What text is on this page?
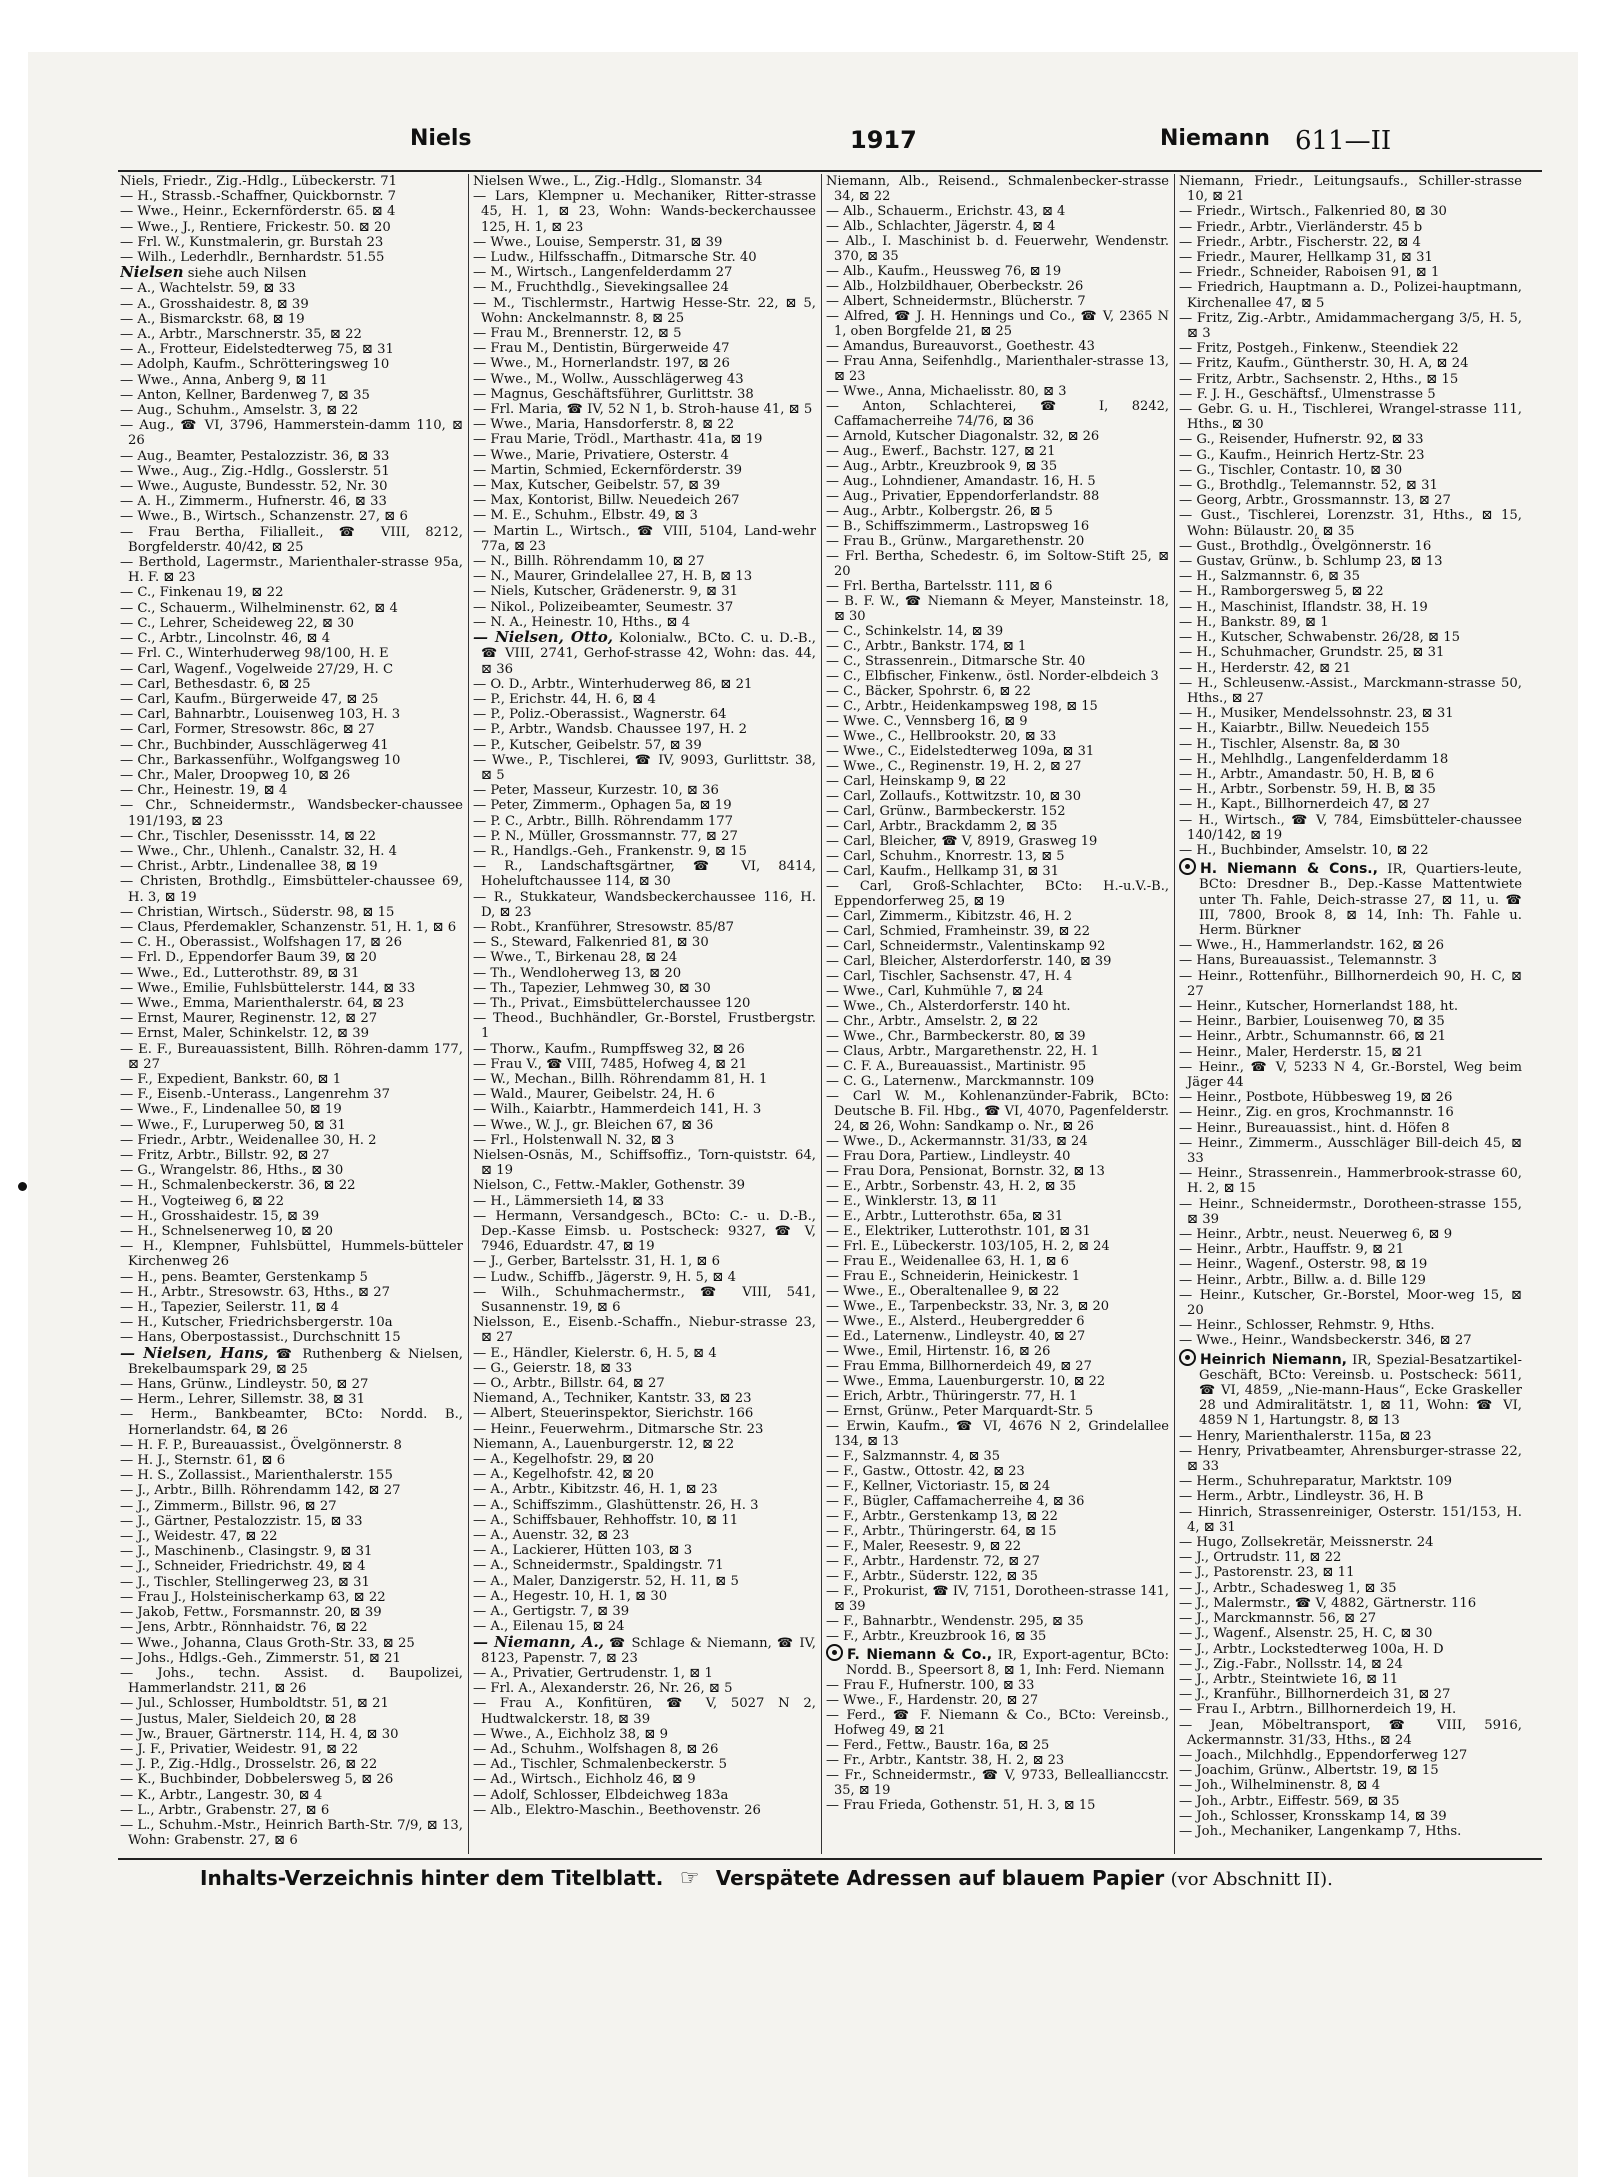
Niels	1917	Niemann 611—II

Niels, Friedr., Zig.-Hdlg., Lübeckerstr. 71

— H., Strassb.-Schaffner, Quickbornstr. 7

— Wwe., Heinr., Eckernförderstr. 65. ⊠ 4

— Wwe., J., Rentiere, Frickestr. 50. ⊠ 20

— Frl. W., Kunstmalerin, gr. Burstah 23

— Wilh., Lederhdlr., Bernhardstr. 51.55

Nielsen siehe auch Nilsen

— A., Wachtelstr. 59, ⊠ 33

— A., Grosshaidestr. 8, ⊠ 39

— A., Bismarckstr. 68, ⊠ 19

— A., Arbtr., Marschnerstr. 35, ⊠ 22

— A., Frotteur, Eidelstedterweg 75, ⊠ 31

— Adolph, Kaufm., Schrötteringsweg 10

— Wwe., Anna, Anberg 9, ⊠ 11

— Anton, Kellner, Bardenweg 7, ⊠ 35

— Aug., Schuhm., Amselstr. 3, ⊠ 22

— Aug., ☎ VI, 3796, Hammerstein-damm 110, ⊠ 26

— Aug., Beamter, Pestalozzistr. 36, ⊠ 33

— Wwe., Aug., Zig.-Hdlg., Gosslerstr. 51

— Wwe., Auguste, Bundesstr. 52, Nr. 30

— A. H., Zimmerm., Hufnerstr. 46, ⊠ 33

— Wwe., B., Wirtsch., Schanzenstr. 27, ⊠ 6

— Frau Bertha, Filialleit., ☎ VIII, 8212, Borgfelderstr. 40/42, ⊠ 25

— Berthold, Lagermstr., Marienthaler-strasse 95a, H. F. ⊠ 23

— C., Finkenau 19, ⊠ 22

— C., Schauerm., Wilhelminenstr. 62, ⊠ 4

— C., Lehrer, Scheideweg 22, ⊠ 30

— C., Arbtr., Lincolnstr. 46, ⊠ 4

— Frl. C., Winterhuderweg 98/100, H. E

— Carl, Wagenf., Vogelweide 27/29, H. C

— Carl, Bethesdastr. 6, ⊠ 25

— Carl, Kaufm., Bürgerweide 47, ⊠ 25

— Carl, Bahnarbtr., Louisenweg 103, H. 3

— Carl, Former, Stresowstr. 86c, ⊠ 27

— Chr., Buchbinder, Ausschlägerweg 41

— Chr., Barkassenführ., Wolfgangsweg 10

— Chr., Maler, Droopweg 10, ⊠ 26

— Chr., Heinestr. 19, ⊠ 4

— Chr., Schneidermstr., Wandsbecker-chaussee 191/193, ⊠ 23

— Chr., Tischler, Desenissstr. 14, ⊠ 22

— Wwe., Chr., Uhlenh., Canalstr. 32, H. 4

— Christ., Arbtr., Lindenallee 38, ⊠ 19

— Christen, Brothdlg., Eimsbütteler-chaussee 69, H. 3, ⊠ 19

— Christian, Wirtsch., Süderstr. 98, ⊠ 15

— Claus, Pferdemakler, Schanzenstr. 51, H. 1, ⊠ 6

— C. H., Oberassist., Wolfshagen 17, ⊠ 26

— Frl. D., Eppendorfer Baum 39, ⊠ 20

— Wwe., Ed., Lutterothstr. 89, ⊠ 31

— Wwe., Emilie, Fuhlsbüttelerstr. 144, ⊠ 33

— Wwe., Emma, Marienthalerstr. 64, ⊠ 23

— Ernst, Maurer, Reginenstr. 12, ⊠ 27

— Ernst, Maler, Schinkelstr. 12, ⊠ 39

— E. F., Bureauassistent, Billh. Röhren-damm 177, ⊠ 27

— F., Expedient, Bankstr. 60, ⊠ 1

— F., Eisenb.-Unterass., Langenrehm 37

— Wwe., F., Lindenallee 50, ⊠ 19

— Wwe., F., Luruperweg 50, ⊠ 31

— Friedr., Arbtr., Weidenallee 30, H. 2

— Fritz, Arbtr., Billstr. 92, ⊠ 27

— G., Wrangelstr. 86, Hths., ⊠ 30

— H., Schmalenbeckerstr. 36, ⊠ 22

— H., Vogteiweg 6, ⊠ 22

— H., Grosshaidestr. 15, ⊠ 39

— H., Schnelsenerweg 10, ⊠ 20

— H., Klempner, Fuhlsbüttel, Hummels-bütteler Kirchenweg 26

— H., pens. Beamter, Gerstenkamp 5

— H., Arbtr., Stresowstr. 63, Hths., ⊠ 27

— H., Tapezier, Seilerstr. 11, ⊠ 4

— H., Kutscher, Friedrichsbergerstr. 10a

— Hans, Oberpostassist., Durchschnitt 15

— Nielsen, Hans, ☎ Ruthenberg & Nielsen, Brekelbaumspark 29, ⊠ 25

— Hans, Grünw., Lindleystr. 50, ⊠ 27

— Herm., Lehrer, Sillemstr. 38, ⊠ 31

— Herm., Bankbeamter, BCto: Nordd. B., Hornerlandstr. 64, ⊠ 26

— H. F. P., Bureauassist., Övelgönnerstr. 8

— H. J., Sternstr. 61, ⊠ 6

— H. S., Zollassist., Marienthalerstr. 155

— J., Arbtr., Billh. Röhrendamm 142, ⊠ 27

— J., Zimmerm., Billstr. 96, ⊠ 27

— J., Gärtner, Pestalozzistr. 15, ⊠ 33

— J., Weidestr. 47, ⊠ 22

— J., Maschinenb., Clasingstr. 9, ⊠ 31

— J., Schneider, Friedrichstr. 49, ⊠ 4

— J., Tischler, Stellingerweg 23, ⊠ 31

— Frau J., Holsteinischerkamp 63, ⊠ 22

— Jakob, Fettw., Forsmannstr. 20, ⊠ 39

— Jens, Arbtr., Rönnhaidstr. 76, ⊠ 22

— Wwe., Johanna, Claus Groth-Str. 33, ⊠ 25

— Johs., Hdlgs.-Geh., Zimmerstr. 51, ⊠ 21

— Johs., techn. Assist. d. Baupolizei, Hammerlandstr. 211, ⊠ 26

— Jul., Schlosser, Humboldtstr. 51, ⊠ 21

— Justus, Maler, Sieldeich 20, ⊠ 28

— Jw., Brauer, Gärtnerstr. 114, H. 4, ⊠ 30

— J. F., Privatier, Weidestr. 91, ⊠ 22

— J. P., Zig.-Hdlg., Drosselstr. 26, ⊠ 22

— K., Buchbinder, Dobbelersweg 5, ⊠ 26

— K., Arbtr., Langestr. 30, ⊠ 4

— L., Arbtr., Grabenstr. 27, ⊠ 6

— L., Schuhm.-Mstr., Heinrich Barth-Str. 7/9, ⊠ 13, Wohn: Grabenstr. 27, ⊠ 6

Nielsen Wwe., L., Zig.-Hdlg., Slomanstr. 34

— Lars, Klempner u. Mechaniker, Ritter-strasse 45, H. 1, ⊠ 23, Wohn: Wands-beckerchaussee 125, H. 1, ⊠ 23

— Wwe., Louise, Semperstr. 31, ⊠ 39

— Ludw., Hilfsschaffn., Ditmarsche Str. 40

— M., Wirtsch., Langenfelderdamm 27

— M., Fruchthdlg., Sievekingsallee 24

— M., Tischlermstr., Hartwig Hesse-Str. 22, ⊠ 5, Wohn: Anckelmannstr. 8, ⊠ 25

— Frau M., Brennerstr. 12, ⊠ 5

— Frau M., Dentistin, Bürgerweide 47

— Wwe., M., Hornerlandstr. 197, ⊠ 26

— Wwe., M., Wollw., Ausschlägerweg 43

— Magnus, Geschäftsführer, Gurlittstr. 38

— Frl. Maria, ☎ IV, 52 N 1, b. Stroh-hause 41, ⊠ 5

— Wwe., Maria, Hansdorferstr. 8, ⊠ 22

— Frau Marie, Trödl., Marthastr. 41a, ⊠ 19

— Wwe., Marie, Privatiere, Osterstr. 4

— Martin, Schmied, Eckernförderstr. 39

— Max, Kutscher, Geibelstr. 57, ⊠ 39

— Max, Kontorist, Billw. Neuedeich 267

— M. E., Schuhm., Elbstr. 49, ⊠ 3

— Martin L., Wirtsch., ☎ VIII, 5104, Land-wehr 77a, ⊠ 23

— N., Billh. Röhrendamm 10, ⊠ 27

— N., Maurer, Grindelallee 27, H. B, ⊠ 13

— Niels, Kutscher, Grädenerstr. 9, ⊠ 31

— Nikol., Polizeibeamter, Seumestr. 37

— N. A., Heinestr. 10, Hths., ⊠ 4

— Nielsen, Otto, Kolonialw., BCto. C. u. D.-B., ☎ VIII, 2741, Gerhof-strasse 42, Wohn: das. 44, ⊠ 36

— O. D., Arbtr., Winterhuderweg 86, ⊠ 21

— P., Erichstr. 44, H. 6, ⊠ 4

— P., Poliz.-Oberassist., Wagnerstr. 64

— P., Arbtr., Wandsb. Chaussee 197, H. 2

— P., Kutscher, Geibelstr. 57, ⊠ 39

— Wwe., P., Tischlerei, ☎ IV, 9093, Gurlittstr. 38, ⊠ 5

— Peter, Masseur, Kurzestr. 10, ⊠ 36

— Peter, Zimmerm., Ophagen 5a, ⊠ 19

— P. C., Arbtr., Billh. Röhrendamm 177

— P. N., Müller, Grossmannstr. 77, ⊠ 27

— R., Handlgs.-Geh., Frankenstr. 9, ⊠ 15

— R., Landschaftsgärtner, ☎ VI, 8414, Hoheluftchaussee 114, ⊠ 30

— R., Stukkateur, Wandsbeckerchaussee 116, H. D, ⊠ 23

— Robt., Kranführer, Stresowstr. 85/87

— S., Steward, Falkenried 81, ⊠ 30

— Wwe., T., Birkenau 28, ⊠ 24

— Th., Wendloherweg 13, ⊠ 20

— Th., Tapezier, Lehmweg 30, ⊠ 30

— Th., Privat., Eimsbüttelerchaussee 120

— Theod., Buchhändler, Gr.-Borstel, Frustbergstr. 1

— Thorw., Kaufm., Rumpffsweg 32, ⊠ 26

— Frau V., ☎ VIII, 7485, Hofweg 4, ⊠ 21

— W., Mechan., Billh. Röhrendamm 81, H. 1

— Wald., Maurer, Geibelstr. 24, H. 6

— Wilh., Kaiarbtr., Hammerdeich 141, H. 3

— Wwe., W. J., gr. Bleichen 67, ⊠ 36

— Frl., Holstenwall N. 32, ⊠ 3

Nielsen-Osnäs, M., Schiffsoffiz., Torn-quiststr. 64, ⊠ 19

Nielson, C., Fettw.-Makler, Gothenstr. 39

— H., Lämmersieth 14, ⊠ 33

— Hermann, Versandgesch., BCto: C.- u. D.-B., Dep.-Kasse Eimsb. u. Postscheck: 9327, ☎ V, 7946, Eduardstr. 47, ⊠ 19

— J., Gerber, Bartelsstr. 31, H. 1, ⊠ 6

— Ludw., Schiffb., Jägerstr. 9, H. 5, ⊠ 4

— Wilh., Schuhmachermstr., ☎ VIII, 541, Susannenstr. 19, ⊠ 6

Nielsson, E., Eisenb.-Schaffn., Niebur-strasse 23, ⊠ 27

— E., Händler, Kielerstr. 6, H. 5, ⊠ 4

— G., Geierstr. 18, ⊠ 33

— O., Arbtr., Billstr. 64, ⊠ 27

Niemand, A., Techniker, Kantstr. 33, ⊠ 23

— Albert, Steuerinspektor, Sierichstr. 166

— Heinr., Feuerwehrm., Ditmarsche Str. 23

Niemann, A., Lauenburgerstr. 12, ⊠ 22

— A., Kegelhofstr. 29, ⊠ 20

— A., Kegelhofstr. 42, ⊠ 20

— A., Arbtr., Kibitzstr. 46, H. 1, ⊠ 23

— A., Schiffszimm., Glashüttenstr. 26, H. 3

— A., Schiffsbauer, Rehhoffstr. 10, ⊠ 11

— A., Auenstr. 32, ⊠ 23

— A., Lackierer, Hütten 103, ⊠ 3

— A., Schneidermstr., Spaldingstr. 71

— A., Maler, Danzigerstr. 52, H. 11, ⊠ 5

— A., Hegestr. 10, H. 1, ⊠ 30

— A., Gertigstr. 7, ⊠ 39

— A., Eilenau 15, ⊠ 24

— Niemann, A., ☎ Schlage & Niemann, ☎ IV, 8123, Papenstr. 7, ⊠ 23

— A., Privatier, Gertrudenstr. 1, ⊠ 1

— Frl. A., Alexanderstr. 26, Nr. 26, ⊠ 5

— Frau A., Konfitüren, ☎ V, 5027 N 2, Hudtwalckerstr. 18, ⊠ 39

— Wwe., A., Eichholz 38, ⊠ 9

— Ad., Schuhm., Wolfshagen 8, ⊠ 26

— Ad., Tischler, Schmalenbeckerstr. 5

— Ad., Wirtsch., Eichholz 46, ⊠ 9

— Adolf, Schlosser, Elbdeichweg 183a

— Alb., Elektro-Maschin., Beethovenstr. 26

Niemann, Alb., Reisend., Schmalenbecker-strasse 34, ⊠ 22

— Alb., Schauerm., Erichstr. 43, ⊠ 4

— Alb., Schlachter, Jägerstr. 4, ⊠ 4

— Alb., I. Maschinist b. d. Feuerwehr, Wendenstr. 370, ⊠ 35

— Alb., Kaufm., Heussweg 76, ⊠ 19

— Alb., Holzbildhauer, Oberbeckstr. 26

— Albert, Schneidermstr., Blücherstr. 7

— Alfred, ☎ J. H. Hennings und Co., ☎ V, 2365 N 1, oben Borgfelde 21, ⊠ 25

— Amandus, Bureauvorst., Goethestr. 43

— Frau Anna, Seifenhdlg., Marienthaler-strasse 13, ⊠ 23

— Wwe., Anna, Michaelisstr. 80, ⊠ 3

— Anton, Schlachterei, ☎ I, 8242, Caffamacherreihe 74/76, ⊠ 36

— Arnold, Kutscher Diagonalstr. 32, ⊠ 26

— Aug., Ewerf., Bachstr. 127, ⊠ 21

— Aug., Arbtr., Kreuzbrook 9, ⊠ 35

— Aug., Lohndiener, Amandastr. 16, H. 5

— Aug., Privatier, Eppendorferlandstr. 88

— Aug., Arbtr., Kolbergstr. 26, ⊠ 5

— B., Schiffszimmerm., Lastropsweg 16

— Frau B., Grünw., Margarethenstr. 20

— Frl. Bertha, Schedestr. 6, im Soltow-Stift 25, ⊠ 20

— Frl. Bertha, Bartelsstr. 111, ⊠ 6

— B. F. W., ☎ Niemann & Meyer, Mansteinstr. 18, ⊠ 30

— C., Schinkelstr. 14, ⊠ 39

— C., Arbtr., Bankstr. 174, ⊠ 1

— C., Strassenrein., Ditmarsche Str. 40

— C., Elbfischer, Finkenw., östl. Norder-elbdeich 3

— C., Bäcker, Spohrstr. 6, ⊠ 22

— C., Arbtr., Heidenkampsweg 198, ⊠ 15

— Wwe. C., Vennsberg 16, ⊠ 9

— Wwe., C., Hellbrookstr. 20, ⊠ 33

— Wwe., C., Eidelstedterweg 109a, ⊠ 31

— Wwe., C., Reginenstr. 19, H. 2, ⊠ 27

— Carl, Heinskamp 9, ⊠ 22

— Carl, Zollaufs., Kottwitzstr. 10, ⊠ 30

— Carl, Grünw., Barmbeckerstr. 152

— Carl, Arbtr., Brackdamm 2, ⊠ 35

— Carl, Bleicher, ☎ V, 8919, Grasweg 19

— Carl, Schuhm., Knorrestr. 13, ⊠ 5

— Carl, Kaufm., Hellkamp 31, ⊠ 31

— Carl, Groß-Schlachter, BCto: H.-u.V.-B., Eppendorferweg 25, ⊠ 19

— Carl, Zimmerm., Kibitzstr. 46, H. 2

— Carl, Schmied, Framheinstr. 39, ⊠ 22

— Carl, Schneidermstr., Valentinskamp 92

— Carl, Bleicher, Alsterdorferstr. 140, ⊠ 39

— Carl, Tischler, Sachsenstr. 47, H. 4

— Wwe., Carl, Kuhmühle 7, ⊠ 24

— Wwe., Ch., Alsterdorferstr. 140 ht.

— Chr., Arbtr., Amselstr. 2, ⊠ 22

— Wwe., Chr., Barmbeckerstr. 80, ⊠ 39

— Claus, Arbtr., Margarethenstr. 22, H. 1

— C. F. A., Bureauassist., Martinistr. 95

— C. G., Laternenw., Marckmannstr. 109

— Carl W. M., Kohlenanzünder-Fabrik, BCto: Deutsche B. Fil. Hbg., ☎ VI, 4070, Pagenfelderstr. 24, ⊠ 26, Wohn: Sandkamp o. Nr., ⊠ 26

— Wwe., D., Ackermannstr. 31/33, ⊠ 24

— Frau Dora, Partiew., Lindleystr. 40

— Frau Dora, Pensionat, Bornstr. 32, ⊠ 13

— E., Arbtr., Sorbenstr. 43, H. 2, ⊠ 35

— E., Winklerstr. 13, ⊠ 11

— E., Arbtr., Lutterothstr. 65a, ⊠ 31

— E., Elektriker, Lutterothstr. 101, ⊠ 31

— Frl. E., Lübeckerstr. 103/105, H. 2, ⊠ 24

— Frau E., Weidenallee 63, H. 1, ⊠ 6

— Frau E., Schneiderin, Heinickestr. 1

— Wwe., E., Oberaltenallee 9, ⊠ 22

— Wwe., E., Tarpenbeckstr. 33, Nr. 3, ⊠ 20

— Wwe., E., Alsterd., Heubergredder 6

— Ed., Laternenw., Lindleystr. 40, ⊠ 27

— Wwe., Emil, Hirtenstr. 16, ⊠ 26

— Frau Emma, Billhornerdeich 49, ⊠ 27

— Wwe., Emma, Lauenburgerstr. 10, ⊠ 22

— Erich, Arbtr., Thüringerstr. 77, H. 1

— Ernst, Grünw., Peter Marquardt-Str. 5

— Erwin, Kaufm., ☎ VI, 4676 N 2, Grindelallee 134, ⊠ 13

— F., Salzmannstr. 4, ⊠ 35

— F., Gastw., Ottostr. 42, ⊠ 23

— F., Kellner, Victoriastr. 15, ⊠ 24

— F., Bügler, Caffamacherreihe 4, ⊠ 36

— F., Arbtr., Gerstenkamp 13, ⊠ 22

— F., Arbtr., Thüringerstr. 64, ⊠ 15

— F., Maler, Reesestr. 9, ⊠ 22

— F., Arbtr., Hardenstr. 72, ⊠ 27

— F., Arbtr., Süderstr. 122, ⊠ 35

— F., Prokurist, ☎ IV, 7151, Dorotheen-strasse 141, ⊠ 39

— F., Bahnarbtr., Wendenstr. 295, ⊠ 35

— F., Arbtr., Kreuzbrook 16, ⊠ 35

F. Niemann & Co., IR, Export-agentur, BCto: Nordd. B., Speersort 8, ⊠ 1, Inh: Ferd. Niemann

— Frau F., Hufnerstr. 100, ⊠ 33

— Wwe., F., Hardenstr. 20, ⊠ 27

— Ferd., ☎ F. Niemann & Co., BCto: Vereinsb., Hofweg 49, ⊠ 21

— Ferd., Fettw., Baustr. 16a, ⊠ 25

— Fr., Arbtr., Kantstr. 38, H. 2, ⊠ 23

— Fr., Schneidermstr., ☎ V, 9733, Belleallianccstr. 35, ⊠ 19

— Frau Frieda, Gothenstr. 51, H. 3, ⊠ 15

Niemann, Friedr., Leitungsaufs., Schiller-strasse 10, ⊠ 21

— Friedr., Wirtsch., Falkenried 80, ⊠ 30

— Friedr., Arbtr., Vierländerstr. 45 b

— Friedr., Arbtr., Fischerstr. 22, ⊠ 4

— Friedr., Maurer, Hellkamp 31, ⊠ 31

— Friedr., Schneider, Raboisen 91, ⊠ 1

— Friedrich, Hauptmann a. D., Polizei-hauptmann, Kirchenallee 47, ⊠ 5

— Fritz, Zig.-Arbtr., Amidammachergang 3/5, H. 5, ⊠ 3

— Fritz, Postgeh., Finkenw., Steendiek 22

— Fritz, Kaufm., Güntherstr. 30, H. A, ⊠ 24

— Fritz, Arbtr., Sachsenstr. 2, Hths., ⊠ 15

— F. J. H., Geschäftsf., Ulmenstrasse 5

— Gebr. G. u. H., Tischlerei, Wrangel-strasse 111, Hths., ⊠ 30

— G., Reisender, Hufnerstr. 92, ⊠ 33

— G., Kaufm., Heinrich Hertz-Str. 23

— G., Tischler, Contastr. 10, ⊠ 30

— G., Brothdlg., Telemannstr. 52, ⊠ 31

— Georg, Arbtr., Grossmannstr. 13, ⊠ 27

— Gust., Tischlerei, Lorenzstr. 31, Hths., ⊠ 15, Wohn: Bülaustr. 20, ⊠ 35

— Gust., Brothdlg., Övelgönnerstr. 16

— Gustav, Grünw., b. Schlump 23, ⊠ 13

— H., Salzmannstr. 6, ⊠ 35

— H., Ramborgersweg 5, ⊠ 22

— H., Maschinist, Iflandstr. 38, H. 19

— H., Bankstr. 89, ⊠ 1

— H., Kutscher, Schwabenstr. 26/28, ⊠ 15

— H., Schuhmacher, Grundstr. 25, ⊠ 31

— H., Herderstr. 42, ⊠ 21

— H., Schleusenw.-Assist., Marckmann-strasse 50, Hths., ⊠ 27

— H., Musiker, Mendelssohnstr. 23, ⊠ 31

— H., Kaiarbtr., Billw. Neuedeich 155

— H., Tischler, Alsenstr. 8a, ⊠ 30

— H., Mehlhdlg., Langenfelderdamm 18

— H., Arbtr., Amandastr. 50, H. B, ⊠ 6

— H., Arbtr., Sorbenstr. 59, H. B, ⊠ 35

— H., Kapt., Billhornerdeich 47, ⊠ 27

— H., Wirtsch., ☎ V, 784, Eimsbütteler-chaussee 140/142, ⊠ 19

— H., Buchbinder, Amselstr. 10, ⊠ 22

H. Niemann & Cons., IR, Quartiers-leute, BCto: Dresdner B., Dep.-Kasse Mattentwiete unter Th. Fahle, Deich-strasse 27, ⊠ 11, u. ☎ III, 7800, Brook 8, ⊠ 14, Inh: Th. Fahle u. Herm. Bürkner

— Wwe., H., Hammerlandstr. 162, ⊠ 26

— Hans, Bureauassist., Telemannstr. 3

— Heinr., Rottenführ., Billhornerdeich 90, H. C, ⊠ 27

— Heinr., Kutscher, Hornerlandst 188, ht.

— Heinr., Barbier, Louisenweg 70, ⊠ 35

— Heinr., Arbtr., Schumannstr. 66, ⊠ 21

— Heinr., Maler, Herderstr. 15, ⊠ 21

— Heinr., ☎ V, 5233 N 4, Gr.-Borstel, Weg beim Jäger 44

— Heinr., Postbote, Hübbesweg 19, ⊠ 26

— Heinr., Zig. en gros, Krochmannstr. 16

— Heinr., Bureauassist., hint. d. Höfen 8

— Heinr., Zimmerm., Ausschläger Bill-deich 45, ⊠ 33

— Heinr., Strassenrein., Hammerbrook-strasse 60, H. 2, ⊠ 15

— Heinr., Schneidermstr., Dorotheen-strasse 155, ⊠ 39

— Heinr., Arbtr., neust. Neuerweg 6, ⊠ 9

— Heinr., Arbtr., Hauffstr. 9, ⊠ 21

— Heinr., Wagenf., Osterstr. 98, ⊠ 19

— Heinr., Arbtr., Billw. a. d. Bille 129

— Heinr., Kutscher, Gr.-Borstel, Moor-weg 15, ⊠ 20

— Heinr., Schlosser, Rehmstr. 9, Hths.

— Wwe., Heinr., Wandsbeckerstr. 346, ⊠ 27

Heinrich Niemann, IR, Spezial-Besatzartikel-Geschäft, BCto: Vereinsb. u. Postscheck: 5611, ☎ VI, 4859, „Nie-mann-Haus“, Ecke Graskeller 28 und Admiralitätstr. 1, ⊠ 11, Wohn: ☎ VI, 4859 N 1, Hartungstr. 8, ⊠ 13

— Henry, Marienthalerstr. 115a, ⊠ 23

— Henry, Privatbeamter, Ahrensburger-strasse 22, ⊠ 33

— Herm., Schuhreparatur, Marktstr. 109

— Herm., Arbtr., Lindleystr. 36, H. B

— Hinrich, Strassenreiniger, Osterstr. 151/153, H. 4, ⊠ 31

— Hugo, Zollsekretär, Meissnerstr. 24

— J., Ortrudstr. 11, ⊠ 22

— J., Pastorenstr. 23, ⊠ 11

— J., Arbtr., Schadesweg 1, ⊠ 35

— J., Malermstr., ☎ V, 4882, Gärtnerstr. 116

— J., Marckmannstr. 56, ⊠ 27

— J., Wagenf., Alsenstr. 25, H. C, ⊠ 30

— J., Arbtr., Lockstedterweg 100a, H. D

— J., Zig.-Fabr., Nollsstr. 14, ⊠ 24

— J., Arbtr., Steintwiete 16, ⊠ 11

— J., Kranführ., Billhornerdeich 31, ⊠ 27

— Frau I., Arbtrn., Billhornerdeich 19, H.

— Jean, Möbeltransport, ☎ VIII, 5916, Ackermannstr. 31/33, Hths., ⊠ 24

— Joach., Milchhdlg., Eppendorferweg 127

— Joachim, Grünw., Albertstr. 19, ⊠ 15

— Joh., Wilhelminenstr. 8, ⊠ 4

— Joh., Arbtr., Eiffestr. 569, ⊠ 35

— Joh., Schlosser, Kronsskamp 14, ⊠ 39

— Joh., Mechaniker, Langenkamp 7, Hths.

Inhalts-Verzeichnis hinter dem Titelblatt. ☞ Verspätete Adressen auf blauem Papier (vor Abschnitt II).
